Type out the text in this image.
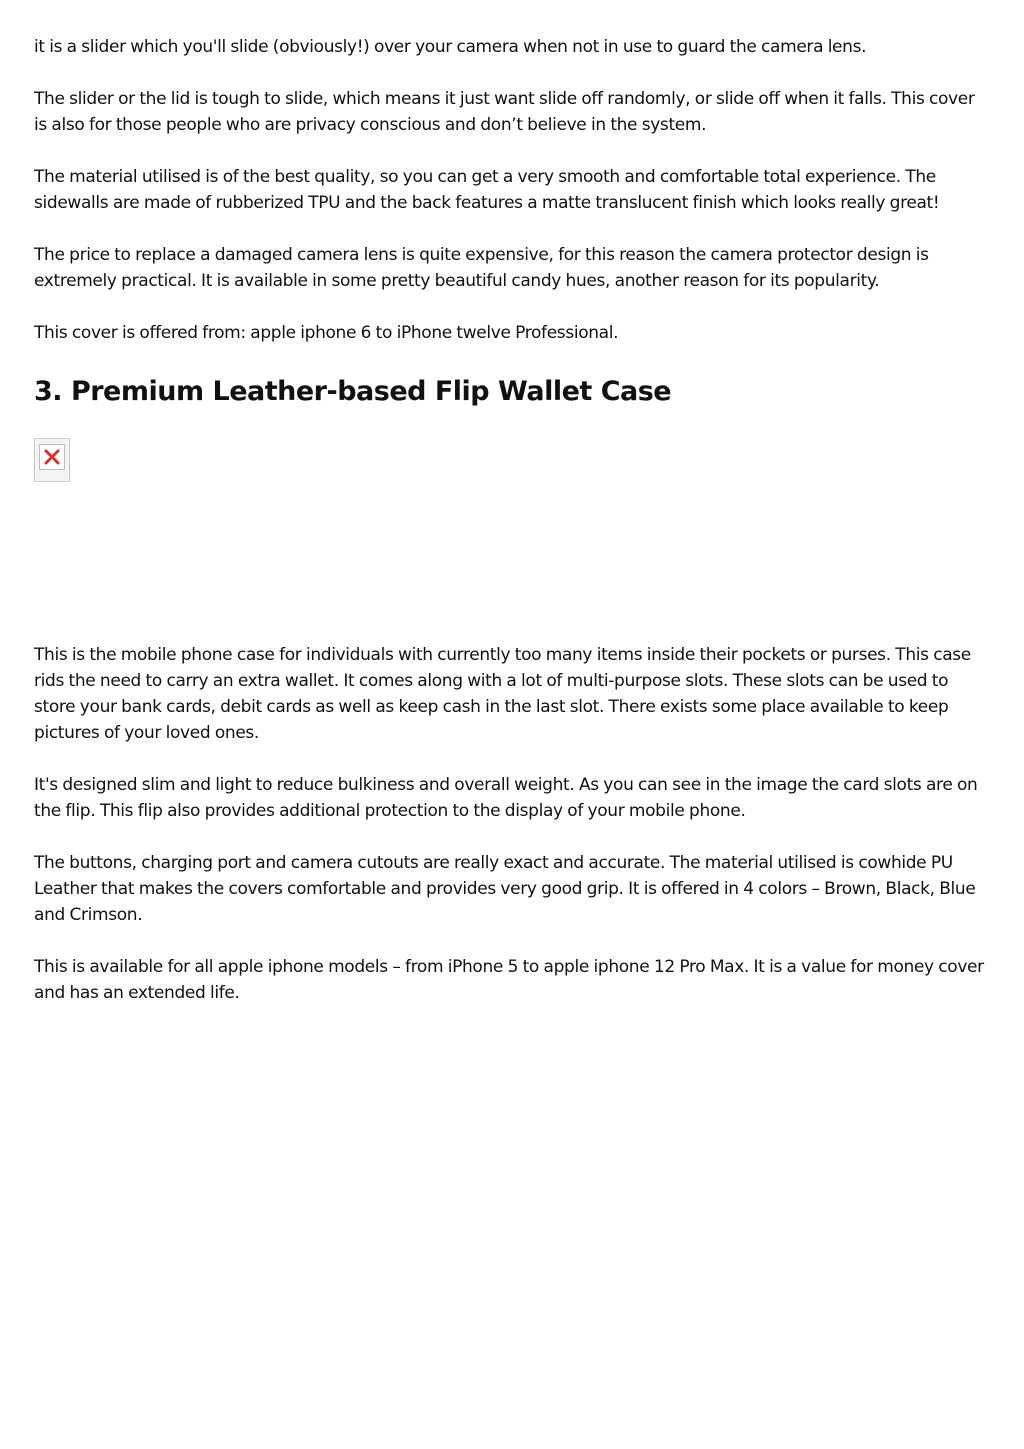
it is a slider which you'll slide (obviously!) over your camera when not in use to guard the camera lens.

The slider or the lid is tough to slide, which means it just want slide off randomly, or slide off when it falls. This cover is also for those people who are privacy conscious and don’t believe in the system.

The material utilised is of the best quality, so you can get a very smooth and comfortable total experience. The sidewalls are made of rubberized TPU and the back features a matte translucent finish which looks really great!

The price to replace a damaged camera lens is quite expensive, for this reason the camera protector design is extremely practical. It is available in some pretty beautiful candy hues, another reason for its popularity.

This cover is offered from: apple iphone 6 to iPhone twelve Professional.

3. Premium Leather-based Flip Wallet Case

This is the mobile phone case for individuals with currently too many items inside their pockets or purses. This case rids the need to carry an extra wallet. It comes along with a lot of multi-purpose slots. These slots can be used to store your bank cards, debit cards as well as keep cash in the last slot. There exists some place available to keep pictures of your loved ones.

It's designed slim and light to reduce bulkiness and overall weight. As you can see in the image the card slots are on the flip. This flip also provides additional protection to the display of your mobile phone.

The buttons, charging port and camera cutouts are really exact and accurate. The material utilised is cowhide PU Leather that makes the covers comfortable and provides very good grip. It is offered in 4 colors – Brown, Black, Blue and Crimson.

This is available for all apple iphone models – from iPhone 5 to apple iphone 12 Pro Max. It is a value for money cover and has an extended life.
